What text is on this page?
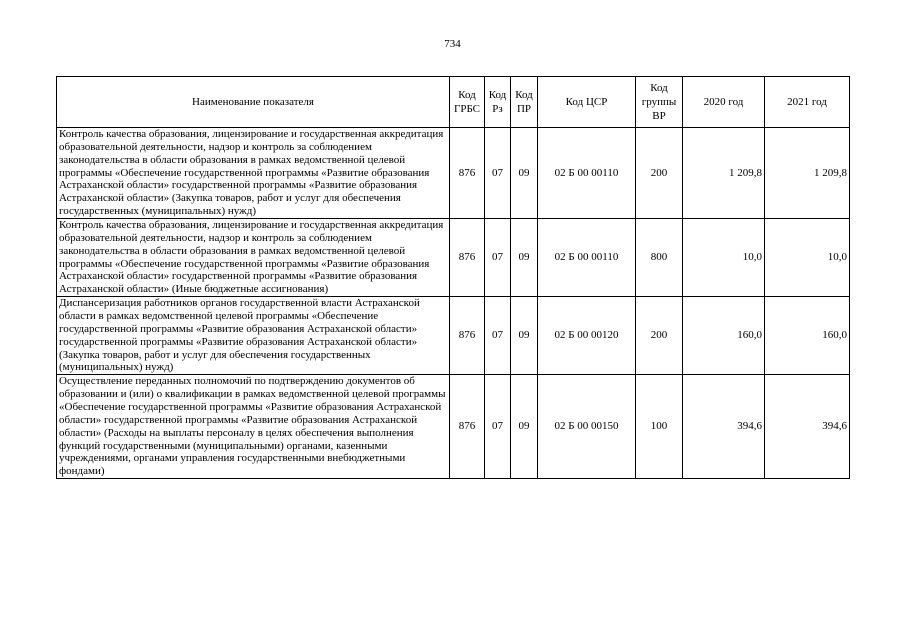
734
Наименование показателя	Код ГРБС	Код Рз	Код ПР	Код ЦСР	Код группы ВР	2020 год	2021 год
Контроль качества образования, лицензирование и государственная аккредитация образовательной деятельности, надзор и контроль за соблюдением законодательства в области образования в рамках ведомственной целевой программы «Обеспечение государственной программы «Развитие образования Астраханской области» государственной программы «Развитие образования Астраханской области» (Закупка товаров, работ и услуг для обеспечения государственных (муниципальных) нужд)	876	07	09	02 Б 00 00110	200	1 209,8	1 209,8
Контроль качества образования, лицензирование и государственная аккредитация образовательной деятельности, надзор и контроль за соблюдением законодательства в области образования в рамках ведомственной целевой программы «Обеспечение государственной программы «Развитие образования Астраханской области» государственной программы «Развитие образования Астраханской области» (Иные бюджетные ассигнования)	876	07	09	02 Б 00 00110	800	10,0	10,0
Диспансеризация работников органов государственной власти Астраханской области в рамках ведомственной целевой программы «Обеспечение государственной программы «Развитие образования Астраханской области» государственной программы «Развитие образования Астраханской области» (Закупка товаров, работ и услуг для обеспечения государственных (муниципальных) нужд)	876	07	09	02 Б 00 00120	200	160,0	160,0
Осуществление переданных полномочий по подтверждению документов об образовании и (или) о квалификации в рамках ведомственной целевой программы «Обеспечение государственной программы «Развитие образования Астраханской области» государственной программы «Развитие образования Астраханской области» (Расходы на выплаты персоналу в целях обеспечения выполнения функций государственными (муниципальными) органами, казенными учреждениями, органами управления государственными внебюджетными фондами)	876	07	09	02 Б 00 00150	100	394,6	394,6
